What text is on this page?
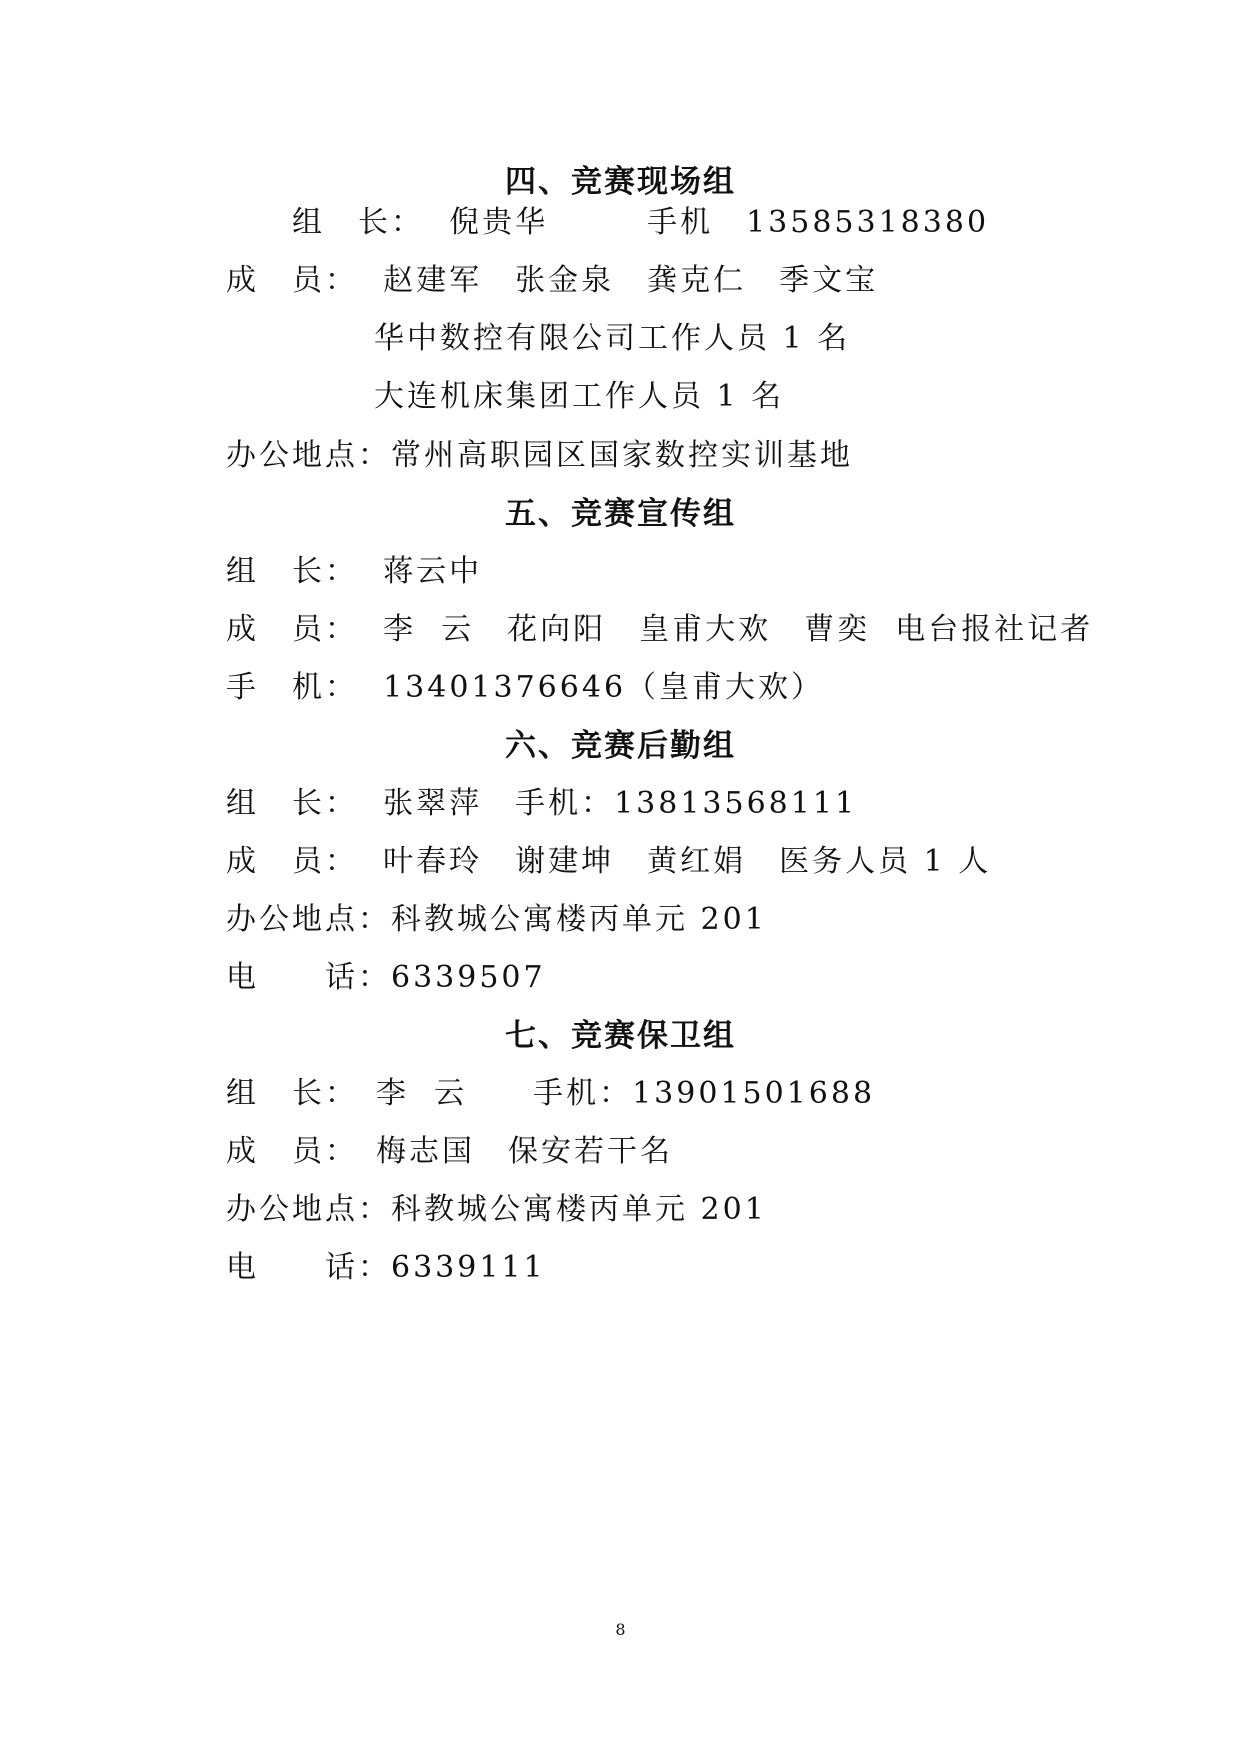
四、竞赛现场组
组　长：  倪贵华　　　手机　13585318380
成　员：  赵建军　张金泉　龚克仁　季文宝
华中数控有限公司工作人员 1 名
大连机床集团工作人员 1 名
办公地点：常州高职园区国家数控实训基地
五、竞赛宣传组
组　长：  蒋云中
成　员：  李  云　花向阳　皇甫大欢　曹奕  电台报社记者
手　机：  13401376646（皇甫大欢）
六、竞赛后勤组
组　长：  张翠萍　手机：13813568111
成　员：  叶春玲　谢建坤　黄红娟　医务人员 1 人
办公地点：科教城公寓楼丙单元 201
电　　话：6339507
七、竞赛保卫组
组　长：　李  云　　手机：13901501688
成　员：　梅志国　保安若干名
办公地点：科教城公寓楼丙单元 201
电　　话：6339111
8
